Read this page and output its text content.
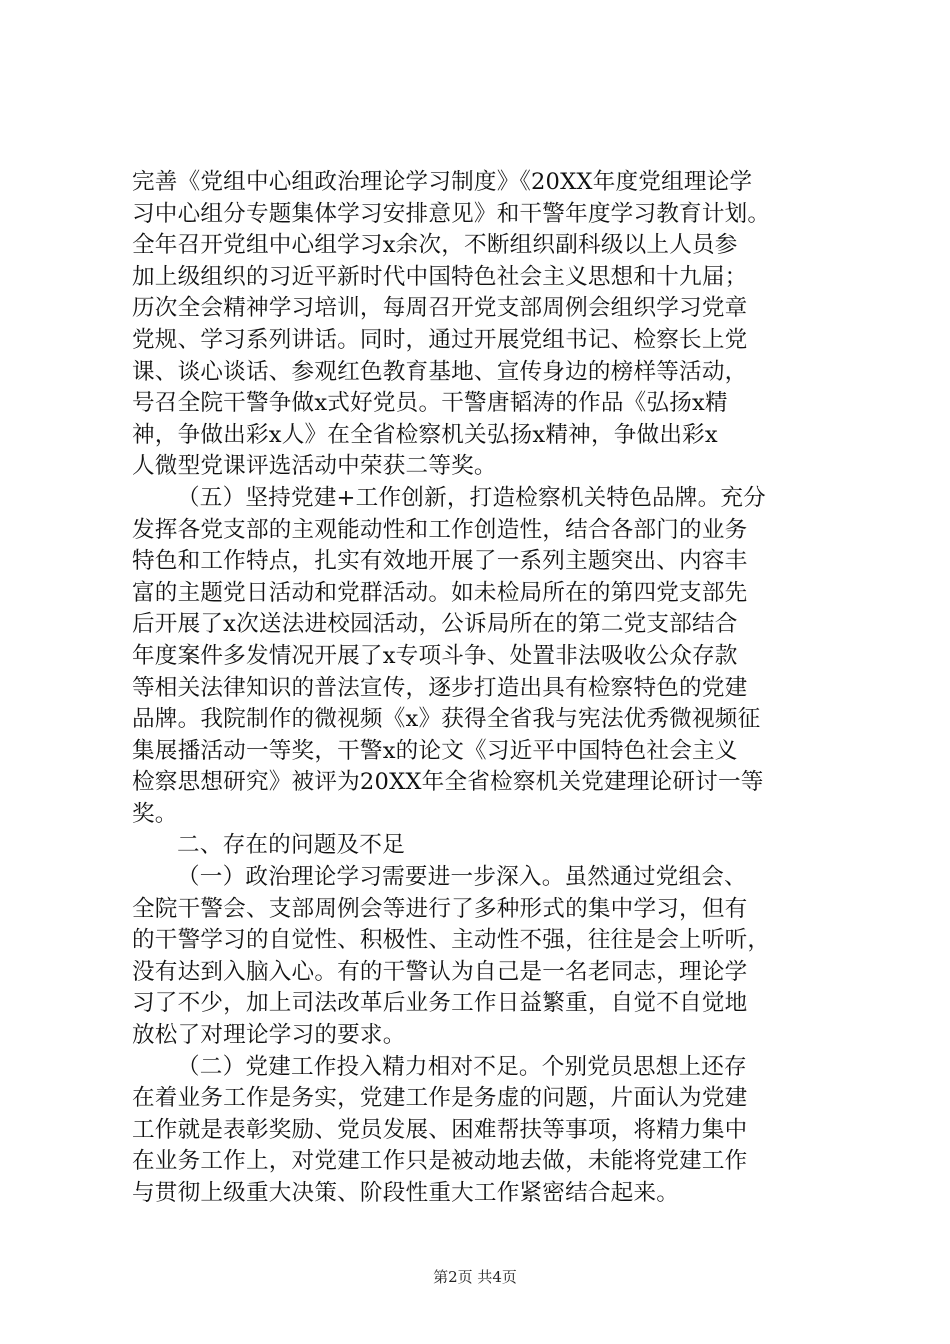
完善《党组中心组政治理论学习制度》《20XX年度党组理论学
习中心组分专题集体学习安排意见》和干警年度学习教育计划。
全年召开党组中心组学习x余次，不断组织副科级以上人员参
加上级组织的习近平新时代中国特色社会主义思想和十九届；
历次全会精神学习培训，每周召开党支部周例会组织学习党章
党规、学习系列讲话。同时，通过开展党组书记、检察长上党
课、谈心谈话、参观红色教育基地、宣传身边的榜样等活动，
号召全院干警争做x式好党员。干警唐韬涛的作品《弘扬x精
神，争做出彩x人》在全省检察机关弘扬x精神，争做出彩x
人微型党课评选活动中荣获二等奖。
（五）坚持党建+工作创新，打造检察机关特色品牌。充分
发挥各党支部的主观能动性和工作创造性，结合各部门的业务
特色和工作特点，扎实有效地开展了一系列主题突出、内容丰
富的主题党日活动和党群活动。如未检局所在的第四党支部先
后开展了x次送法进校园活动，公诉局所在的第二党支部结合
年度案件多发情况开展了x专项斗争、处置非法吸收公众存款
等相关法律知识的普法宣传，逐步打造出具有检察特色的党建
品牌。我院制作的微视频《x》获得全省我与宪法优秀微视频征
集展播活动一等奖，干警x的论文《习近平中国特色社会主义
检察思想研究》被评为20XX年全省检察机关党建理论研讨一等
奖。
二、存在的问题及不足
（一）政治理论学习需要进一步深入。虽然通过党组会、
全院干警会、支部周例会等进行了多种形式的集中学习，但有
的干警学习的自觉性、积极性、主动性不强，往往是会上听听，
没有达到入脑入心。有的干警认为自己是一名老同志，理论学
习了不少，加上司法改革后业务工作日益繁重，自觉不自觉地
放松了对理论学习的要求。
（二）党建工作投入精力相对不足。个别党员思想上还存
在着业务工作是务实，党建工作是务虚的问题，片面认为党建
工作就是表彰奖励、党员发展、困难帮扶等事项，将精力集中
在业务工作上，对党建工作只是被动地去做，未能将党建工作
与贯彻上级重大决策、阶段性重大工作紧密结合起来。
第2页 共4页
